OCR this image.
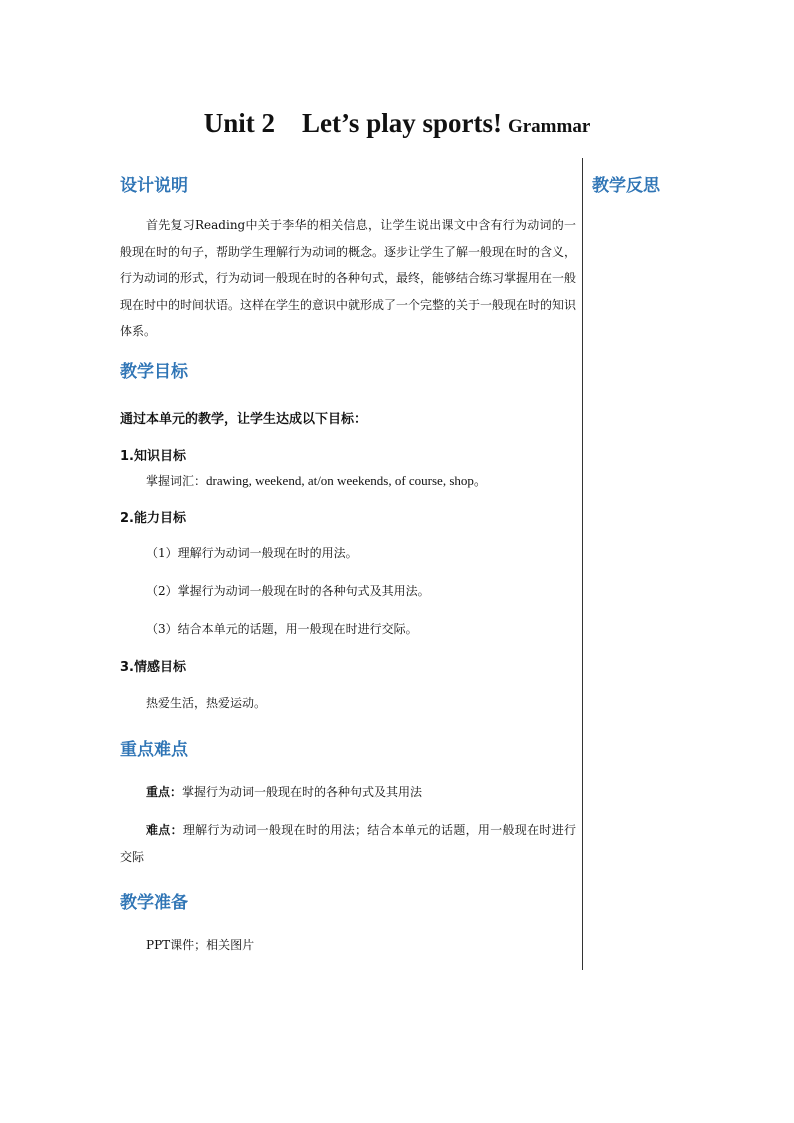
Unit 2    Let’s play sports! Grammar
教学反思
设计说明
首先复习Reading中关于李华的相关信息，让学生说出课文中含有行为动词的一般现在时的句子，帮助学生理解行为动词的概念。逐步让学生了解一般现在时的含义，行为动词的形式，行为动词一般现在时的各种句式，最终，能够结合练习掌握用在一般现在时中的时间状语。这样在学生的意识中就形成了一个完整的关于一般现在时的知识体系。
教学目标
通过本单元的教学，让学生达成以下目标：
1.知识目标
掌握词汇：drawing, weekend, at/on weekends, of course, shop。
2.能力目标
（1）理解行为动词一般现在时的用法。
（2）掌握行为动词一般现在时的各种句式及其用法。
（3）结合本单元的话题，用一般现在时进行交际。
3.情感目标
热爱生活，热爱运动。
重点难点
重点：掌握行为动词一般现在时的各种句式及其用法
难点：理解行为动词一般现在时的用法；结合本单元的话题，用一般现在时进行交际
教学准备
PPT课件；相关图片
